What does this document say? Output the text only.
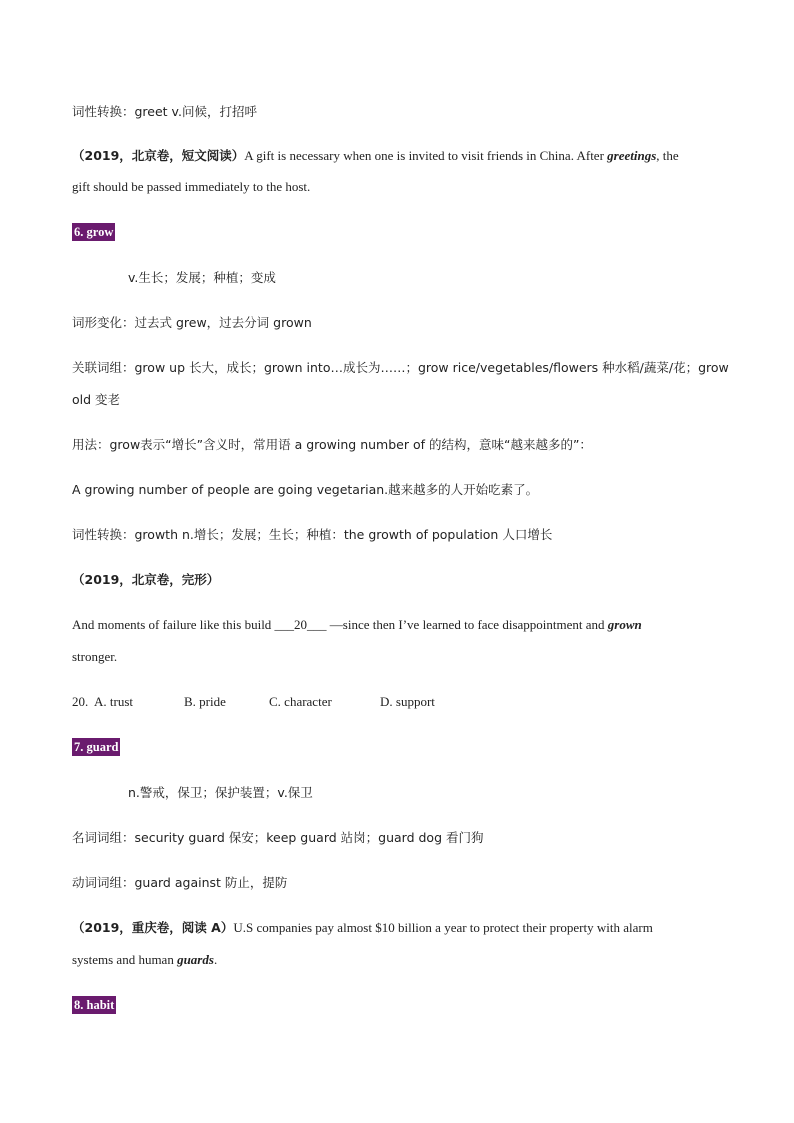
词性转换：greet v.问候，打招呼
（2019，北京卷，短文阅读）A gift is necessary when one is invited to visit friends in China. After greetings, the
gift should be passed immediately to the host.
6. grow
v.生长；发展；种植；变成
词形变化：过去式 grew，过去分词 grown
关联词组：grow up 长大，成长；grown into…成长为……；grow rice/vegetables/flowers 种水稻/蔬菜/花；grow
old 变老
用法：grow表示“增长”含义时，常用语 a growing number of 的结构，意味“越来越多的”：
A growing number of people are going vegetarian.越来越多的人开始吃素了。
词性转换：growth n.增长；发展；生长；种植：the growth of population 人口增长
（2019，北京卷，完形）
And moments of failure like this build ___20___ —since then I’ve learned to face disappointment and grown
stronger.
20. A. trust	B. pride	C. character	D. support
7. guard
n.警戒，保卫；保护装置；v.保卫
名词词组：security guard 保安；keep guard 站岗；guard dog 看门狗
动词词组：guard against 防止，提防
（2019，重庆卷，阅读 A）U.S companies pay almost $10 billion a year to protect their property with alarm
systems and human guards.
8. habit
